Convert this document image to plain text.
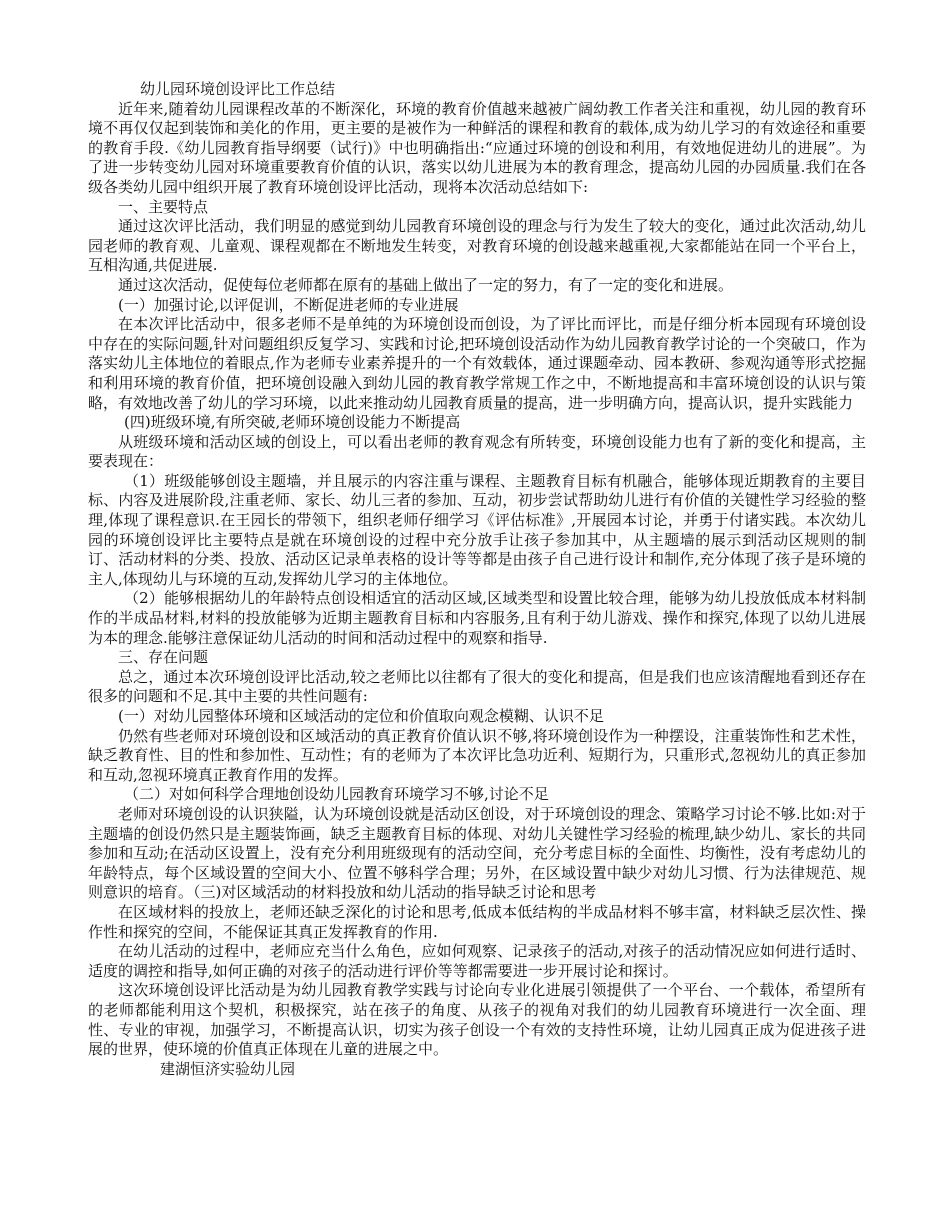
幼儿园环境创设评比工作总结

近年来,随着幼儿园课程改革的不断深化，环境的教育价值越来越被广阔幼教工作者关注和重视，幼儿园的教育环境不再仅仅起到装饰和美化的作用，更主要的是被作为一种鲜活的课程和教育的载体,成为幼儿学习的有效途径和重要的教育手段.《幼儿园教育指导纲要（试行)》中也明确指出:“应通过环境的创设和利用，有效地促进幼儿的进展”。为了进一步转变幼儿园对环境重要教育价值的认识，落实以幼儿进展为本的教育理念，提高幼儿园的办园质量.我们在各级各类幼儿园中组织开展了教育环境创设评比活动，现将本次活动总结如下:

一、主要特点

通过这次评比活动，我们明显的感觉到幼儿园教育环境创设的理念与行为发生了较大的变化，通过此次活动,幼儿园老师的教育观、儿童观、课程观都在不断地发生转变，对教育环境的创设越来越重视,大家都能站在同一个平台上，互相沟通,共促进展.

通过这次活动，促使每位老师都在原有的基础上做出了一定的努力，有了一定的变化和进展。

(一）加强讨论,以评促训，不断促进老师的专业进展

在本次评比活动中，很多老师不是单纯的为环境创设而创设，为了评比而评比，而是仔细分析本园现有环境创设中存在的实际问题,针对问题组织反复学习、实践和讨论,把环境创设活动作为幼儿园教育教学讨论的一个突破口，作为落实幼儿主体地位的着眼点,作为老师专业素养提升的一个有效载体，通过课题牵动、园本教研、参观沟通等形式挖掘和利用环境的教育价值，把环境创设融入到幼儿园的教育教学常规工作之中，不断地提高和丰富环境创设的认识与策略，有效地改善了幼儿的学习环境，以此来推动幼儿园教育质量的提高，进一步明确方向，提高认识，提升实践能力

(四)班级环境,有所突破,老师环境创设能力不断提高

从班级环境和活动区域的创设上，可以看出老师的教育观念有所转变，环境创设能力也有了新的变化和提高，主要表现在：

（1）班级能够创设主题墙，并且展示的内容注重与课程、主题教育目标有机融合，能够体现近期教育的主要目标、内容及进展阶段,注重老师、家长、幼儿三者的参加、互动，初步尝试帮助幼儿进行有价值的关键性学习经验的整理,体现了课程意识.在王园长的带领下，组织老师仔细学习《评估标准》,开展园本讨论，并勇于付诸实践。本次幼儿园的环境创设评比主要特点是就在环境创设的过程中充分放手让孩子参加其中，从主题墙的展示到活动区规则的制订、活动材料的分类、投放、活动区记录单表格的设计等等都是由孩子自己进行设计和制作,充分体现了孩子是环境的主人,体现幼儿与环境的互动,发挥幼儿学习的主体地位。

（2）能够根据幼儿的年龄特点创设相适宜的活动区域,区域类型和设置比较合理，能够为幼儿投放低成本材料制作的半成品材料,材料的投放能够为近期主题教育目标和内容服务,且有利于幼儿游戏、操作和探究,体现了以幼儿进展为本的理念.能够注意保证幼儿活动的时间和活动过程中的观察和指导.

三、存在问题

总之，通过本次环境创设评比活动,较之老师比以往都有了很大的变化和提高，但是我们也应该清醒地看到还存在很多的问题和不足.其中主要的共性问题有:

(一）对幼儿园整体环境和区域活动的定位和价值取向观念模糊、认识不足

仍然有些老师对环境创设和区域活动的真正教育价值认识不够,将环境创设作为一种摆设，注重装饰性和艺术性，缺乏教育性、目的性和参加性、互动性；有的老师为了本次评比急功近利、短期行为，只重形式,忽视幼儿的真正参加和互动,忽视环境真正教育作用的发挥。

（二）对如何科学合理地创设幼儿园教育环境学习不够,讨论不足

老师对环境创设的认识狭隘，认为环境创设就是活动区创设，对于环境创设的理念、策略学习讨论不够.比如:对于主题墙的创设仍然只是主题装饰画，缺乏主题教育目标的体现、对幼儿关键性学习经验的梳理,缺少幼儿、家长的共同参加和互动;在活动区设置上，没有充分利用班级现有的活动空间，充分考虑目标的全面性、均衡性，没有考虑幼儿的年龄特点，每个区域设置的空间大小、位置不够科学合理；另外，在区域设置中缺少对幼儿习惯、行为法律规范、规则意识的培育。（三)对区域活动的材料投放和幼儿活动的指导缺乏讨论和思考

在区域材料的投放上，老师还缺乏深化的讨论和思考,低成本低结构的半成品材料不够丰富，材料缺乏层次性、操作性和探究的空间，不能保证其真正发挥教育的作用.

在幼儿活动的过程中，老师应充当什么角色，应如何观察、记录孩子的活动,对孩子的活动情况应如何进行适时、适度的调控和指导,如何正确的对孩子的活动进行评价等等都需要进一步开展讨论和探讨。

这次环境创设评比活动是为幼儿园教育教学实践与讨论向专业化进展引领提供了一个平台、一个载体，希望所有的老师都能利用这个契机，积极探究，站在孩子的角度、从孩子的视角对我们的幼儿园教育环境进行一次全面、理性、专业的审视，加强学习，不断提高认识，切实为孩子创设一个有效的支持性环境，让幼儿园真正成为促进孩子进展的世界，使环境的价值真正体现在儿童的进展之中。

建湖恒济实验幼儿园
